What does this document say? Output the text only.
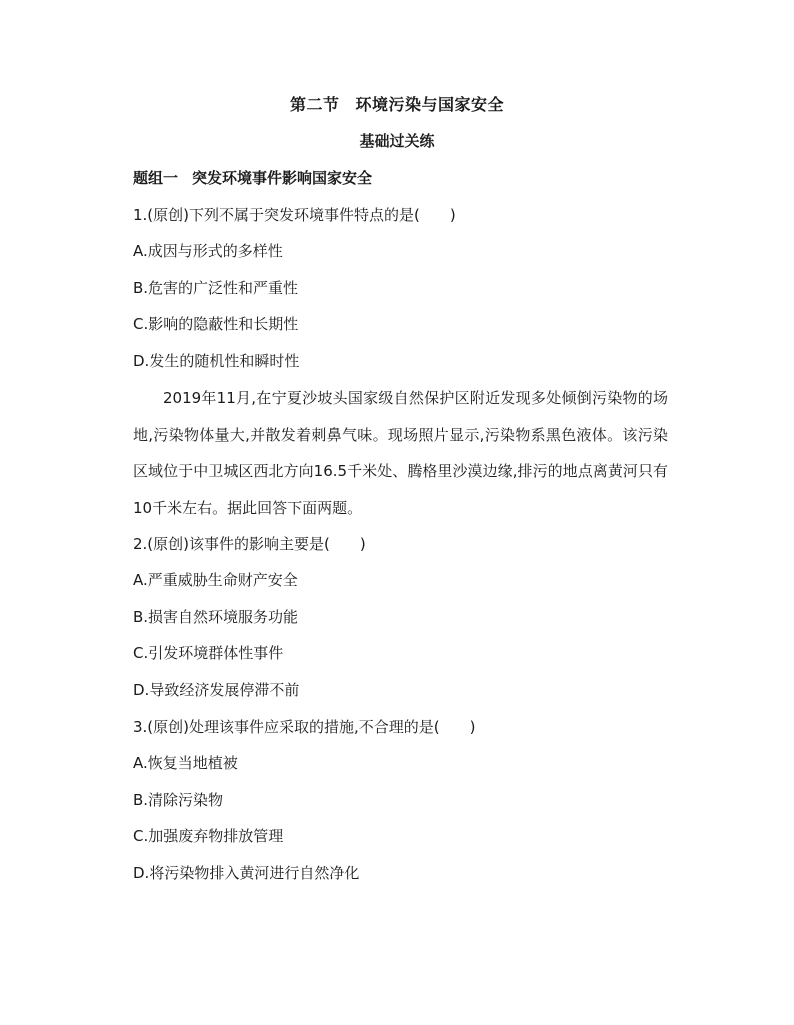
第二节 环境污染与国家安全
基础过关练
题组一 突发环境事件影响国家安全
1.(原创)下列不属于突发环境事件特点的是(　　)
A.成因与形式的多样性
B.危害的广泛性和严重性
C.影响的隐蔽性和长期性
D.发生的随机性和瞬时性
2019年11月,在宁夏沙坡头国家级自然保护区附近发现多处倾倒污染物的场地,污染物体量大,并散发着刺鼻气味。现场照片显示,污染物系黑色液体。该污染区域位于中卫城区西北方向16.5千米处、腾格里沙漠边缘,排污的地点离黄河只有10千米左右。据此回答下面两题。
2.(原创)该事件的影响主要是(　　)
A.严重威胁生命财产安全
B.损害自然环境服务功能
C.引发环境群体性事件
D.导致经济发展停滞不前
3.(原创)处理该事件应采取的措施,不合理的是(　　)
A.恢复当地植被
B.清除污染物
C.加强废弃物排放管理
D.将污染物排入黄河进行自然净化
